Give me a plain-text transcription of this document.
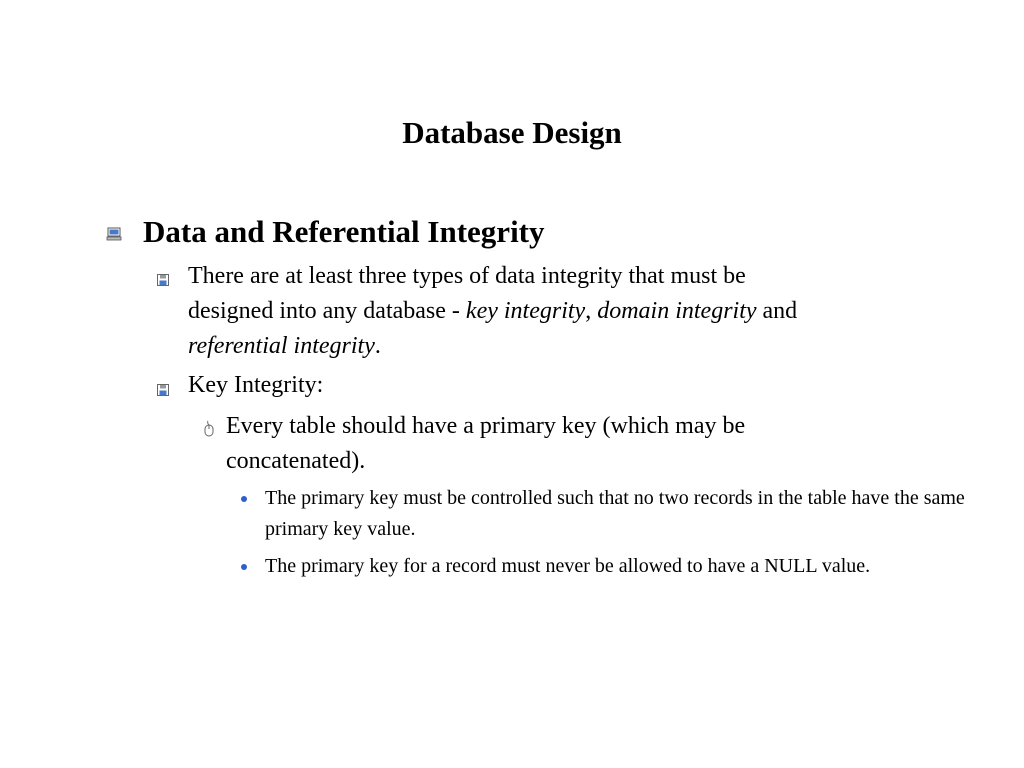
Database Design
Data and Referential Integrity
There are at least three types of data integrity that must be
designed into any database - key integrity, domain integrity and
referential integrity.
Key Integrity:
Every table should have a primary key (which may be concatenated).
The primary key must be controlled such that no two records in the table have the same primary key value.
The primary key for a record must never be allowed to have a NULL value.
